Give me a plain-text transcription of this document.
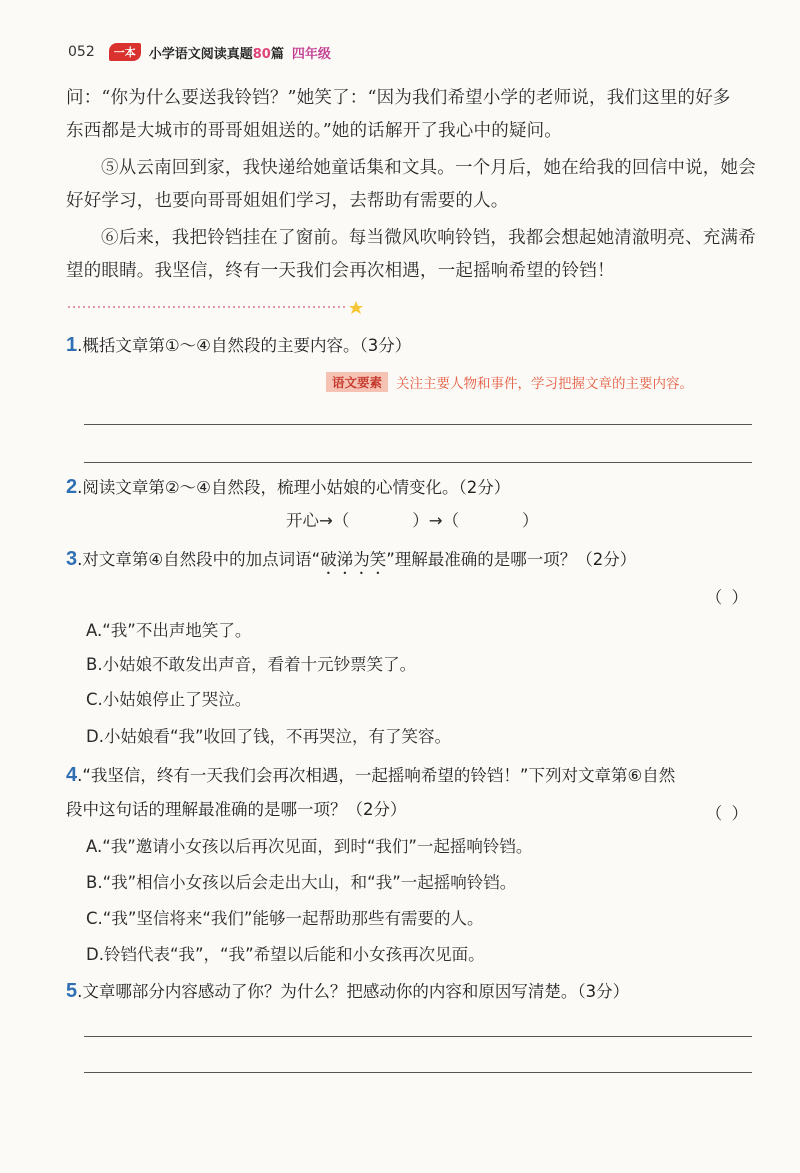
052	一本	小学语文阅读真题80篇 四年级
问：“你为什么要送我铃铛？”她笑了：“因为我们希望小学的老师说，我们这里的好多
东西都是大城市的哥哥姐姐送的。”她的话解开了我心中的疑问。
⑤从云南回到家，我快递给她童话集和文具。一个月后，她在给我的回信中说，她会好好学习，也要向哥哥姐姐们学习，去帮助有需要的人。
⑥后来，我把铃铛挂在了窗前。每当微风吹响铃铛，我都会想起她清澈明亮、充满希望的眼睛。我坚信，终有一天我们会再次相遇，一起摇响希望的铃铛！
1.概括文章第①～④自然段的主要内容。（3分）
语文要素	关注主要人物和事件，学习把握文章的主要内容。
2.阅读文章第②～④自然段，梳理小姑娘的心情变化。（2分）
开心→（            ）→（            ）
3.对文章第④自然段中的加点词语“破涕为笑”理解最准确的是哪一项？（2分）
（ ）
A.“我”不出声地笑了。
B.小姑娘不敢发出声音，看着十元钞票笑了。
C.小姑娘停止了哭泣。
D.小姑娘看“我”收回了钱，不再哭泣，有了笑容。
4.“我坚信，终有一天我们会再次相遇，一起摇响希望的铃铛！”下列对文章第⑥自然
段中这句话的理解最准确的是哪一项？（2分）	（ ）
A.“我”邀请小女孩以后再次见面，到时“我们”一起摇响铃铛。
B.“我”相信小女孩以后会走出大山，和“我”一起摇响铃铛。
C.“我”坚信将来“我们”能够一起帮助那些有需要的人。
D.铃铛代表“我”，“我”希望以后能和小女孩再次见面。
5.文章哪部分内容感动了你？为什么？把感动你的内容和原因写清楚。（3分）
